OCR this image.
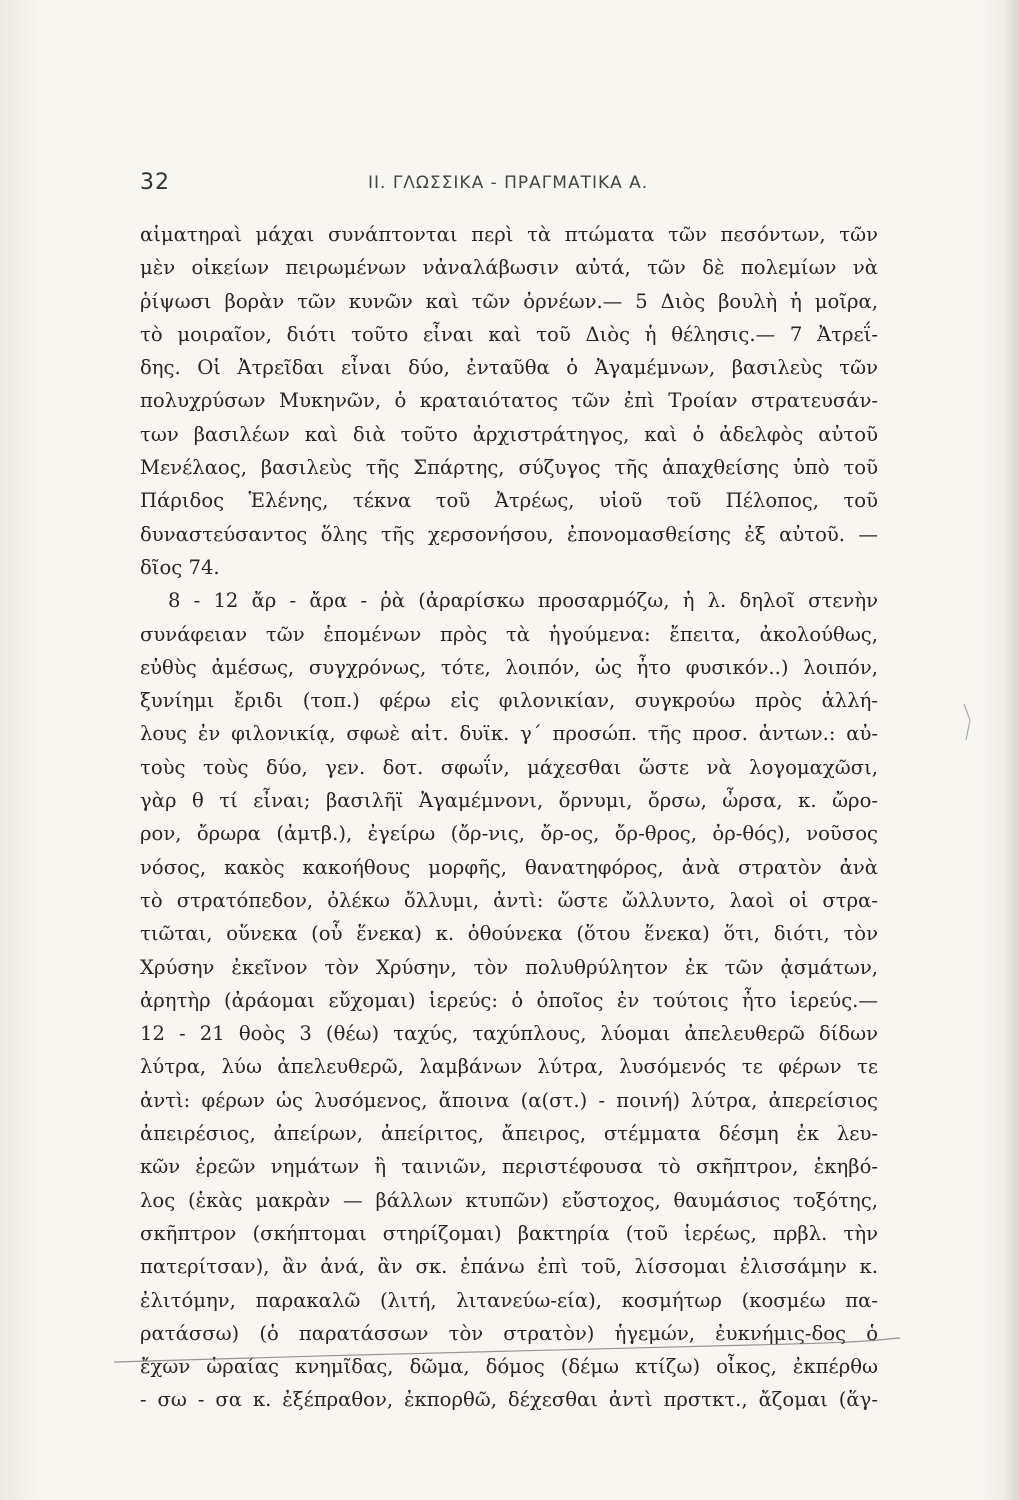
32	II. ΓΛΩΣΣΙΚΑ - ΠΡΑΓΜΑΤΙΚΑ Α.
αἱματηραὶ μάχαι συνάπτονται περὶ τὰ πτώματα τῶν πεσόντων, τῶν
μὲν οἰκείων πειρωμένων νἀναλάβωσιν αὐτά, τῶν δὲ πολεμίων νὰ
ῥίψωσι βορὰν τῶν κυνῶν καὶ τῶν ὀρνέων.— 5 Διὸς βουλὴ ἡ μοῖρα,
τὸ μοιραῖον, διότι τοῦτο εἶναι καὶ τοῦ Διὸς ἡ θέλησις.— 7 Ἀτρεΐ-
δης. Οἱ Ἀτρεῖδαι εἶναι δύο, ἐνταῦθα ὁ Ἀγαμέμνων, βασιλεὺς τῶν
πολυχρύσων Μυκηνῶν, ὁ κραταιότατος τῶν ἐπὶ Τροίαν στρατευσάν-
των βασιλέων καὶ διὰ τοῦτο ἀρχιστράτηγος, καὶ ὁ ἀδελφὸς αὐτοῦ
Μενέλαος, βασιλεὺς τῆς Σπάρτης, σύζυγος τῆς ἁπαχθείσης ὑπὸ τοῦ
Πάριδος Ἑλένης, τέκνα τοῦ Ἀτρέως, υἱοῦ τοῦ Πέλοπος, τοῦ
δυναστεύσαντος ὅλης τῆς χερσονήσου, ἐπονομασθείσης ἐξ αὐτοῦ. —
δῖος 74.
8 - 12 ἄρ - ἄρα - ῥὰ (ἀραρίσκω προσαρμόζω, ἡ λ. δηλοῖ στενὴν
συνάφειαν τῶν ἑπομένων πρὸς τὰ ἡγούμενα: ἔπειτα, ἀκολούθως,
εὐθὺς ἀμέσως, συγχρόνως, τότε, λοιπόν, ὡς ἦτο φυσικόν..) λοιπόν,
ξυνίημι ἔριδι (τοπ.) φέρω εἰς φιλονικίαν, συγκρούω πρὸς ἀλλή-
λους ἐν φιλονικίᾳ, σφωὲ αἰτ. δυϊκ. γ΄ προσώπ. τῆς προσ. ἀντων.: αὐ-
τοὺς τοὺς δύο, γεν. δοτ. σφωΐν, μάχεσθαι ὥστε νὰ λογομαχῶσι,
γὰρ θ τί εἶναι; βασιλῆϊ Ἀγαμέμνονι, ὄρνυμι, ὄρσω, ὦρσα, κ. ὤρο-
ρον, ὄρωρα (ἀμτβ.), ἐγείρω (ὄρ-νις, ὄρ-ος, ὄρ-θρος, ὀρ-θός), νοῦσος
νόσος, κακὸς κακοήθους μορφῆς, θανατηφόρος, ἀνὰ στρατὸν ἀνὰ
τὸ στρατόπεδον, ὀλέκω ὄλλυμι, ἀντὶ: ὥστε ὤλλυντο, λαοὶ οἱ στρα-
τιῶται, οὕνεκα (οὗ ἕνεκα) κ. ὁθούνεκα (ὅτου ἕνεκα) ὅτι, διότι, τὸν
Χρύσην ἐκεῖνον τὸν Χρύσην, τὸν πολυθρύλητον ἐκ τῶν ᾀσμάτων,
ἀρητὴρ (ἀράομαι εὔχομαι) ἱερεύς: ὁ ὁποῖος ἐν τούτοις ἦτο ἱερεύς.—
12 - 21 θοὸς 3 (θέω) ταχύς, ταχύπλους, λύομαι ἀπελευθερῶ δίδων
λύτρα, λύω ἀπελευθερῶ, λαμβάνων λύτρα, λυσόμενός τε φέρων τε
ἀντὶ: φέρων ὡς λυσόμενος, ἄποινα (α(στ.) - ποινή) λύτρα, ἀπερείσιος
ἀπειρέσιος, ἀπείρων, ἀπείριτος, ἄπειρος, στέμματα δέσμη ἐκ λευ-
κῶν ἐρεῶν νημάτων ἢ ταινιῶν, περιστέφουσα τὸ σκῆπτρον, ἑκηβό-
λος (ἑκὰς μακρὰν — βάλλων κτυπῶν) εὔστοχος, θαυμάσιος τοξότης,
σκῆπτρον (σκήπτομαι στηρίζομαι) βακτηρία (τοῦ ἱερέως, πρβλ. τὴν
πατερίτσαν), ἂν ἀνά, ἂν σκ. ἐπάνω ἐπὶ τοῦ, λίσσομαι ἐλισσάμην κ.
ἐλιτόμην, παρακαλῶ (λιτή, λιτανεύω-εία), κοσμήτωρ (κοσμέω πα-
ρατάσσω) (ὁ παρατάσσων τὸν στρατὸν) ἡγεμών, ἐυκνήμις-δος ὁ
ἔχων ὡραίας κνημῖδας, δῶμα, δόμος (δέμω κτίζω) οἶκος, ἐκπέρθω
- σω - σα κ. ἐξέπραθον, ἐκπορθῶ, δέχεσθαι ἀντὶ πρστκτ., ἄζομαι (ἅγ-
